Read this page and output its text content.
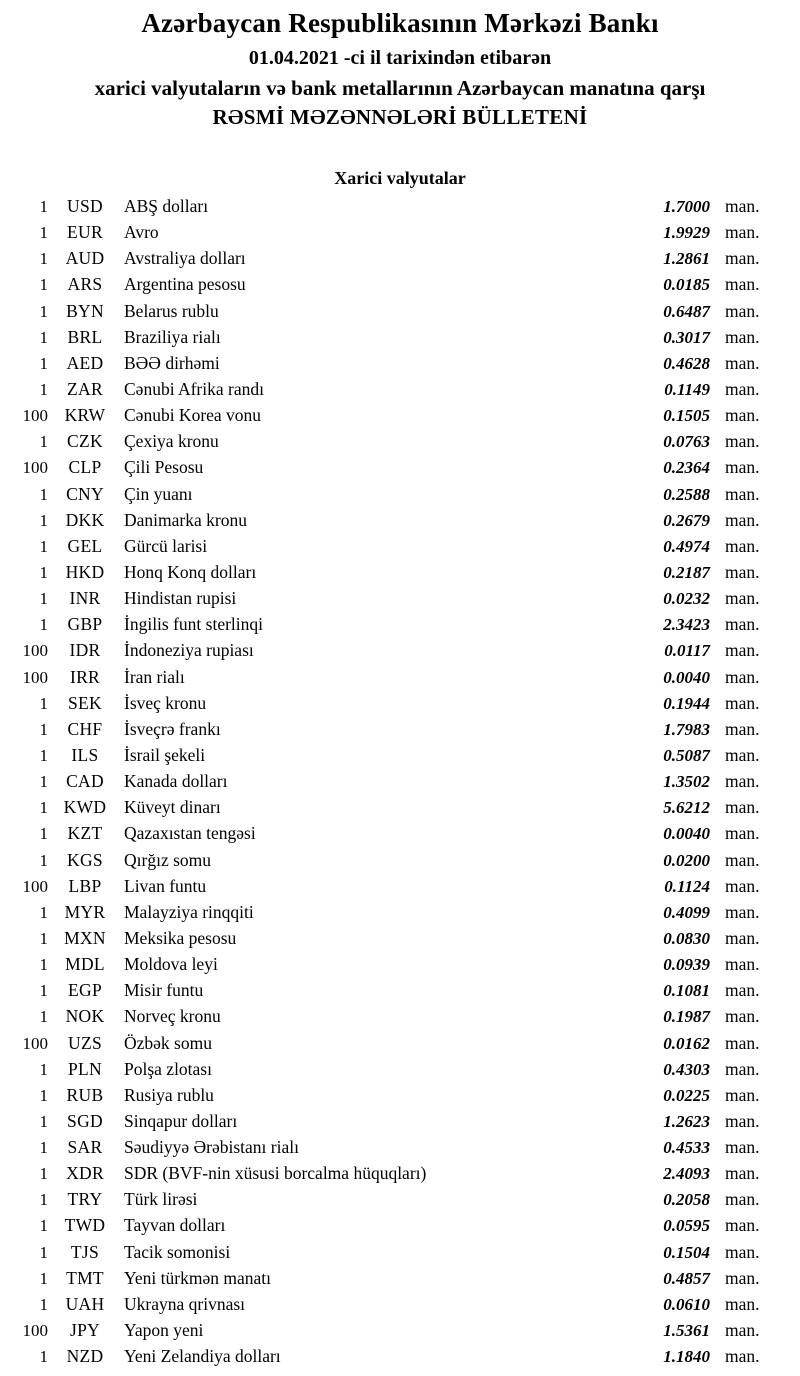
Azərbaycan Respublikasının Mərkəzi Bankı
01.04.2021 -ci il tarixindən etibarən
xarici valyutaların və bank metallarının Azərbaycan manatına qarşı
RƏSMİ MƏZƏNNƏLƏRİ BÜLLETENİ
Xarici valyutalar
1	USD	ABŞ dolları	1.7000 man.
1	EUR	Avro	1.9929 man.
1	AUD	Avstraliya dolları	1.2861 man.
1	ARS	Argentina pesosu	0.0185 man.
1	BYN	Belarus rublu	0.6487 man.
1	BRL	Braziliya rialı	0.3017 man.
1	AED	BƏƏ dirhəmi	0.4628 man.
1	ZAR	Cənubi Afrika randı	0.1149 man.
100 KRW	Cənubi Korea vonu	0.1505 man.
1	CZK	Çexiya kronu	0.0763 man.
100	CLP	Çili Pesosu	0.2364 man.
1	CNY	Çin yuanı	0.2588 man.
1	DKK	Danimarka kronu	0.2679 man.
1	GEL	Gürcü larisi	0.4974 man.
1	HKD	Honq Konq dolları	0.2187 man.
1	INR	Hindistan rupisi	0.0232 man.
1	GBP	İngilis funt sterlinqi	2.3423 man.
100	IDR	İndoneziya rupiası	0.0117 man.
100	IRR	İran rialı	0.0040 man.
1	SEK	İsveç kronu	0.1944 man.
1	CHF	İsveçrə frankı	1.7983 man.
1	ILS	İsrail şekeli	0.5087 man.
1	CAD	Kanada dolları	1.3502 man.
1 KWD	Küveyt dinarı	5.6212 man.
1	KZT	Qazaxıstan tengəsi	0.0040 man.
1	KGS	Qırğız somu	0.0200 man.
100	LBP	Livan funtu	0.1124 man.
1 MYR	Malayziya rinqqiti	0.4099 man.
1 MXN	Meksika pesosu	0.0830 man.
1 MDL	Moldova leyi	0.0939 man.
1	EGP	Misir funtu	0.1081 man.
1	NOK	Norveç kronu	0.1987 man.
100	UZS	Özbək somu	0.0162 man.
1	PLN	Polşa zlotası	0.4303 man.
1	RUB	Rusiya rublu	0.0225 man.
1	SGD	Sinqapur dolları	1.2623 man.
1	SAR	Səudiyyə Ərəbistanı rialı	0.4533 man.
1	XDR	SDR (BVF-nin xüsusi borcalma hüquqları)	2.4093 man.
1	TRY	Türk lirəsi	0.2058 man.
1 TWD	Tayvan dolları	0.0595 man.
1	TJS	Tacik somonisi	0.1504 man.
1	TMT	Yeni türkmən manatı	0.4857 man.
1	UAH	Ukrayna qrivnası	0.0610 man.
100	JPY	Yapon yeni	1.5361 man.
1	NZD	Yeni Zelandiya dolları	1.1840 man.
